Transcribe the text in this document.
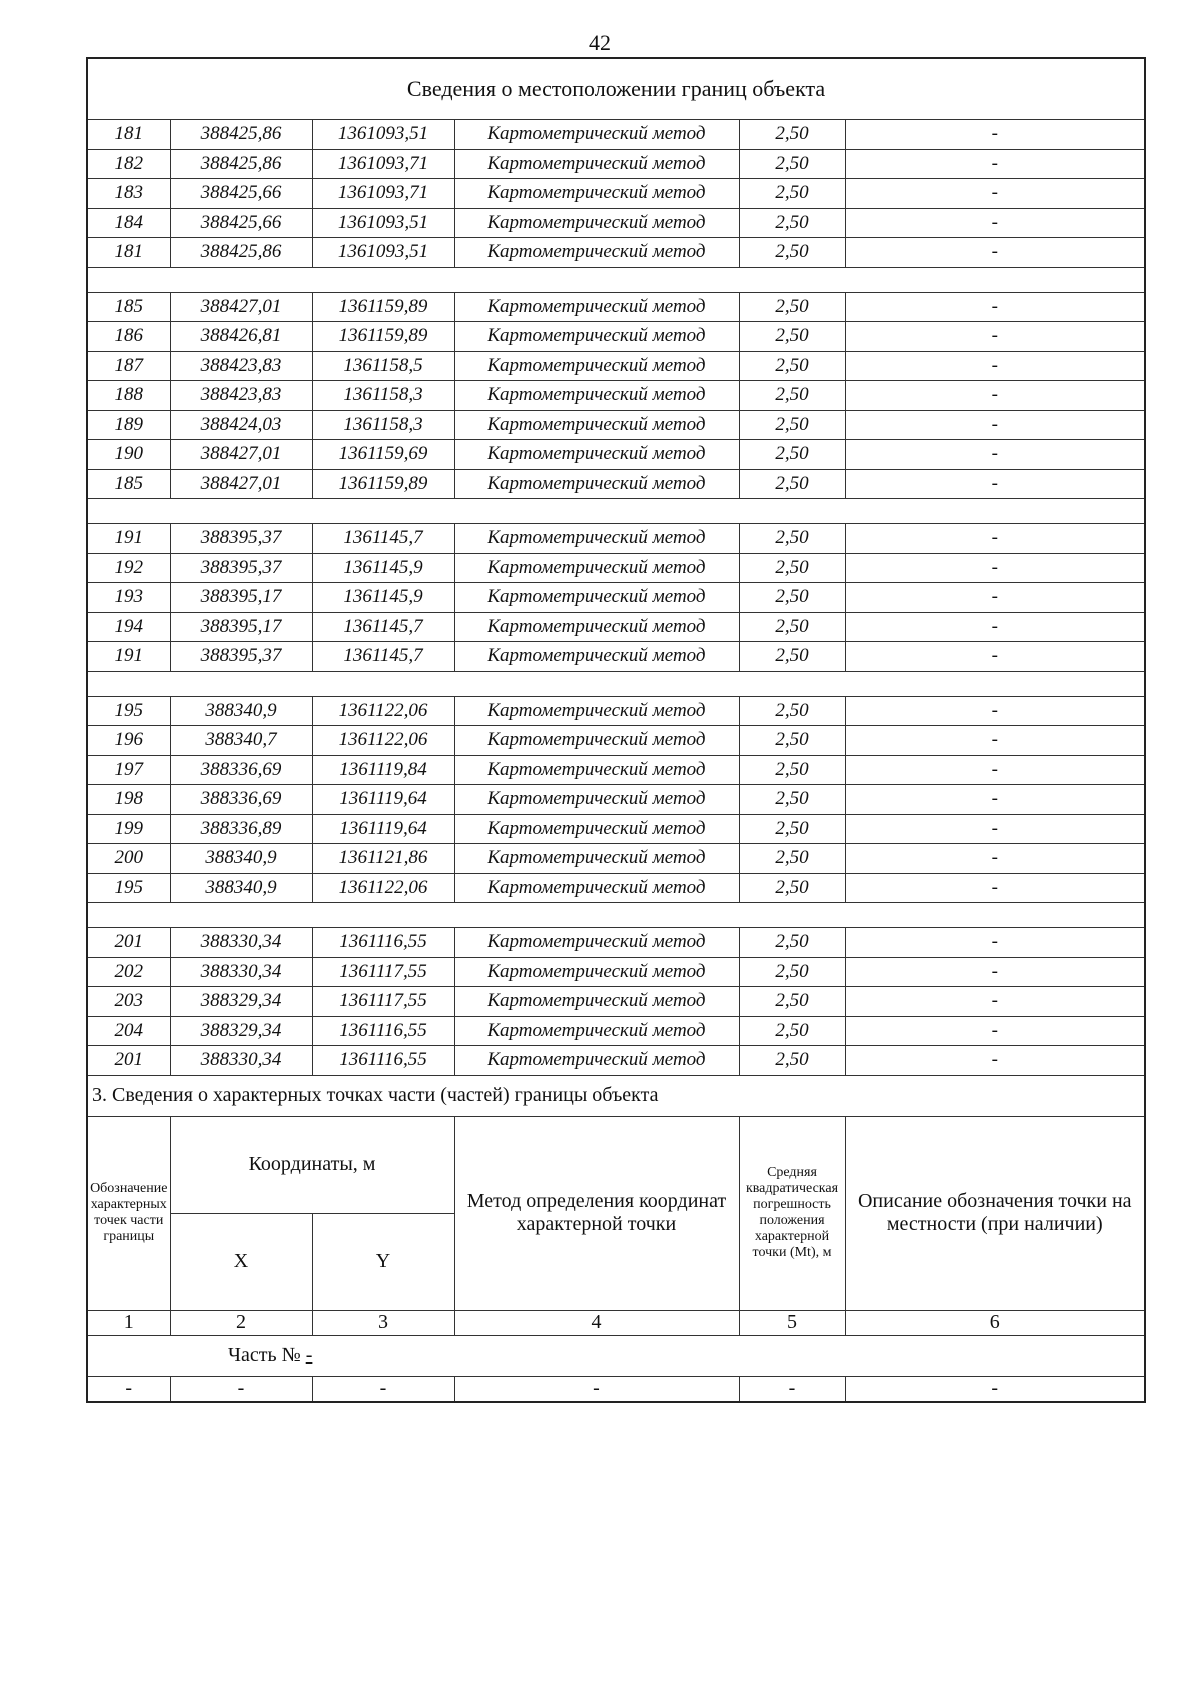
42
Сведения о местоположении границ объекта					
181	388425,86	1361093,51	Картометрический метод	2,50	-
182	388425,86	1361093,71	Картометрический метод	2,50	-
183	388425,66	1361093,71	Картометрический метод	2,50	-
184	388425,66	1361093,51	Картометрический метод	2,50	-
181	388425,86	1361093,51	Картометрический метод	2,50	-

185	388427,01	1361159,89	Картометрический метод	2,50	-
186	388426,81	1361159,89	Картометрический метод	2,50	-
187	388423,83	1361158,5	Картометрический метод	2,50	-
188	388423,83	1361158,3	Картометрический метод	2,50	-
189	388424,03	1361158,3	Картометрический метод	2,50	-
190	388427,01	1361159,69	Картометрический метод	2,50	-
185	388427,01	1361159,89	Картометрический метод	2,50	-

191	388395,37	1361145,7	Картометрический метод	2,50	-
192	388395,37	1361145,9	Картометрический метод	2,50	-
193	388395,17	1361145,9	Картометрический метод	2,50	-
194	388395,17	1361145,7	Картометрический метод	2,50	-
191	388395,37	1361145,7	Картометрический метод	2,50	-

195	388340,9	1361122,06	Картометрический метод	2,50	-
196	388340,7	1361122,06	Картометрический метод	2,50	-
197	388336,69	1361119,84	Картометрический метод	2,50	-
198	388336,69	1361119,64	Картометрический метод	2,50	-
199	388336,89	1361119,64	Картометрический метод	2,50	-
200	388340,9	1361121,86	Картометрический метод	2,50	-
195	388340,9	1361122,06	Картометрический метод	2,50	-

201	388330,34	1361116,55	Картометрический метод	2,50	-
202	388330,34	1361117,55	Картометрический метод	2,50	-
203	388329,34	1361117,55	Картометрический метод	2,50	-
204	388329,34	1361116,55	Картометрический метод	2,50	-
201	388330,34	1361116,55	Картометрический метод	2,50	-
3. Сведения о характерных точках части (частей) границы объекта					
Обозначение характерных точек части границы	Координаты, м		Метод определения координат характерной точки	Средняя квадратическая погрешность положения характерной точки (Mt), м	Описание обозначения точки на местности (при наличии)
	X	Y			
1	2	3	4	5	6
Часть № -					
-	-	-	-	-	-
